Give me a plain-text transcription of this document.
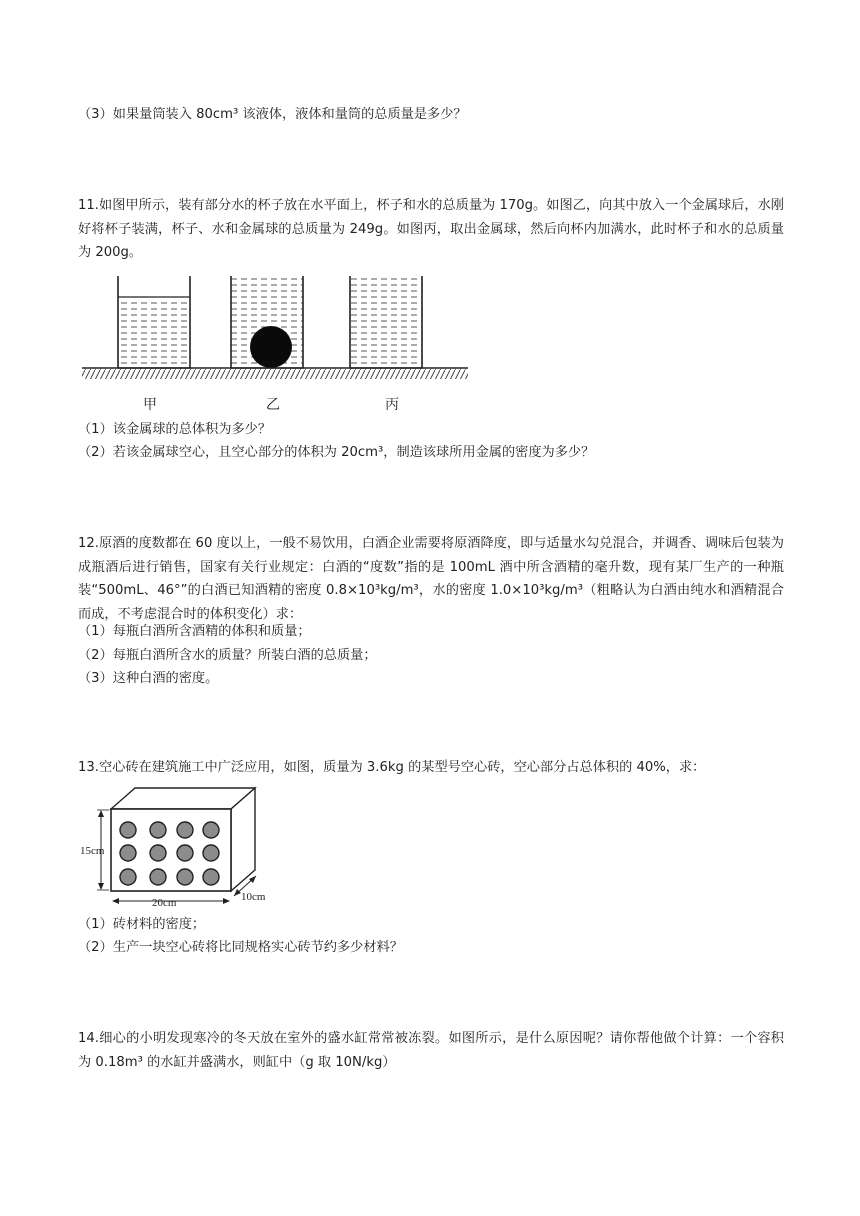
（3）如果量筒装入 80cm³ 该液体，液体和量筒的总质量是多少？
11.如图甲所示，装有部分水的杯子放在水平面上，杯子和水的总质量为 170g。如图乙，向其中放入一个金属球后，水刚好将杯子装满，杯子、水和金属球的总质量为 249g。如图丙，取出金属球，然后向杯内加满水，此时杯子和水的总质量为 200g。
甲	乙	丙
（1）该金属球的总体积为多少？
（2）若该金属球空心，且空心部分的体积为 20cm³，制造该球所用金属的密度为多少？
12.原酒的度数都在 60 度以上，一般不易饮用，白酒企业需要将原酒降度，即与适量水勾兑混合，并调香、调味后包装为成瓶酒后进行销售，国家有关行业规定：白酒的“度数”指的是 100mL 酒中所含酒精的毫升数，现有某厂生产的一种瓶装“500mL、46°”的白酒已知酒精的密度 0.8×10³kg/m³，水的密度 1.0×10³kg/m³（粗略认为白酒由纯水和酒精混合而成，不考虑混合时的体积变化）求：
（1）每瓶白酒所含酒精的体积和质量；
（2）每瓶白酒所含水的质量？所装白酒的总质量；
（3）这种白酒的密度。
13.空心砖在建筑施工中广泛应用，如图，质量为 3.6kg 的某型号空心砖，空心部分占总体积的 40%，求：
15cm
20cm	10cm
（1）砖材料的密度；
（2）生产一块空心砖将比同规格实心砖节约多少材料？
14.细心的小明发现寒冷的冬天放在室外的盛水缸常常被冻裂。如图所示，是什么原因呢？请你帮他做个计算：一个容积为 0.18m³ 的水缸并盛满水，则缸中（g 取 10N/kg）
